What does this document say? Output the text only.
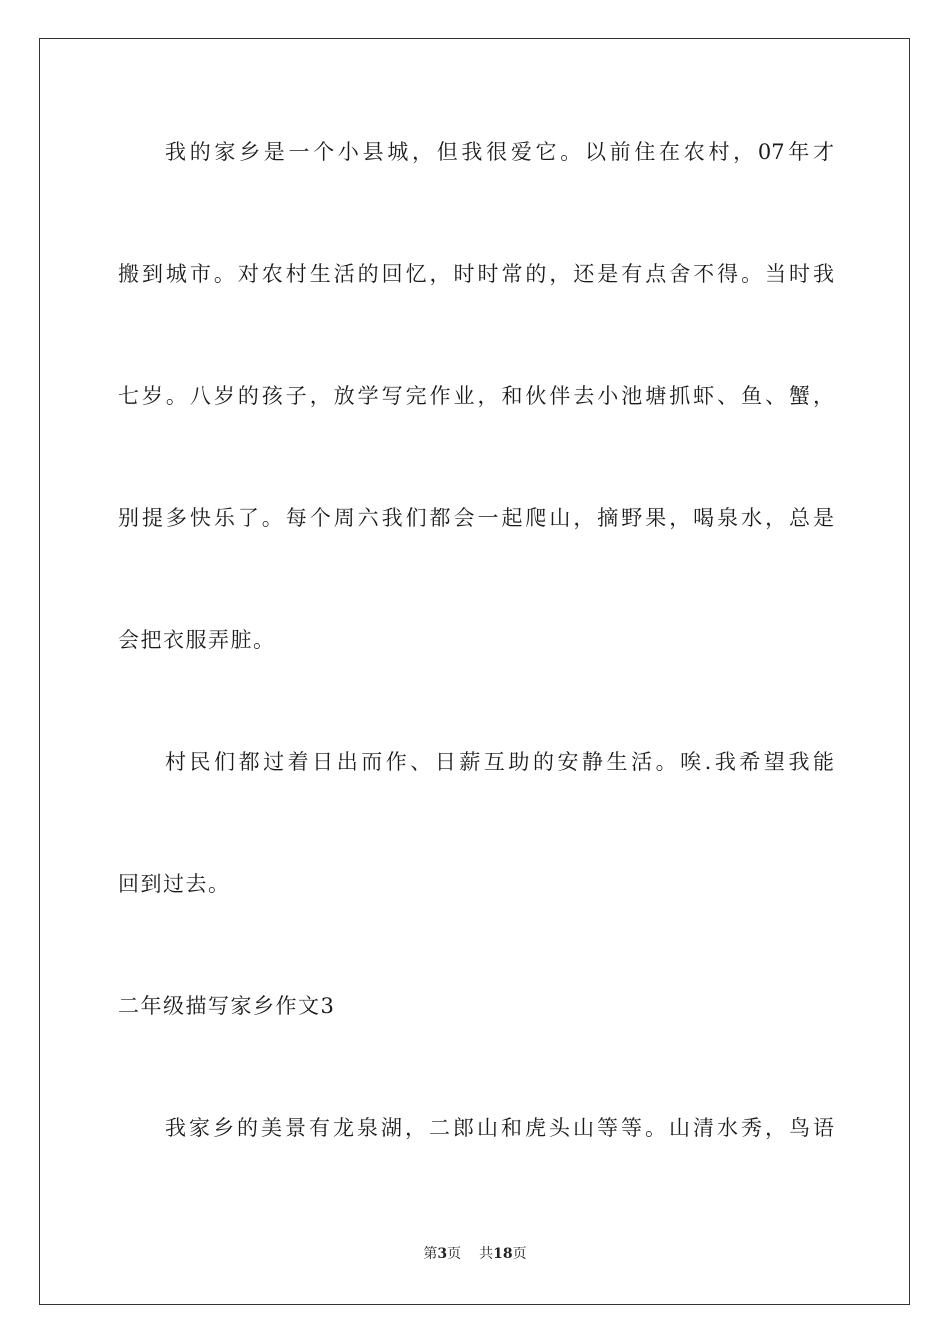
我的家乡是一个小县城，但我很爱它。以前住在农村，07年才
搬到城市。对农村生活的回忆，时时常的，还是有点舍不得。当时我
七岁。八岁的孩子，放学写完作业，和伙伴去小池塘抓虾、鱼、蟹，
别提多快乐了。每个周六我们都会一起爬山，摘野果，喝泉水，总是
会把衣服弄脏。
村民们都过着日出而作、日薪互助的安静生活。唉.我希望我能
回到过去。
二年级描写家乡作文3
我家乡的美景有龙泉湖，二郎山和虎头山等等。山清水秀，鸟语
第3页 共18页
